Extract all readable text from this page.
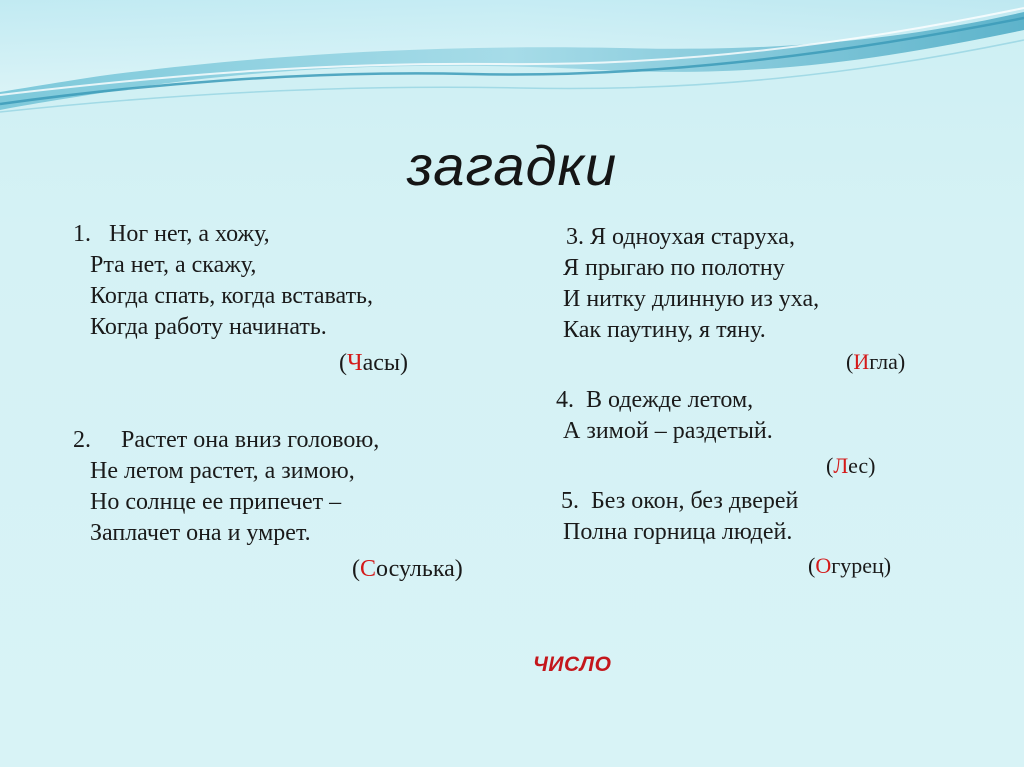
загадки
1.   Ног нет, а хожу,
Рта нет, а скажу,
Когда спать, когда вставать,
Когда работу начинать.
(Часы)
2.     Растет она вниз головою,
Не летом растет, а зимою,
Но солнце ее припечет –
Заплачет она и умрет.
(Сосулька)
3. Я одноухая старуха,
Я прыгаю по полотну
И нитку длинную из уха,
Как паутину, я тяну.
(Игла)
4.  В одежде летом,
А зимой – раздетый.
(Лес)
5.  Без окон, без дверей
Полна горница людей.
(Огурец)
ЧИСЛО
